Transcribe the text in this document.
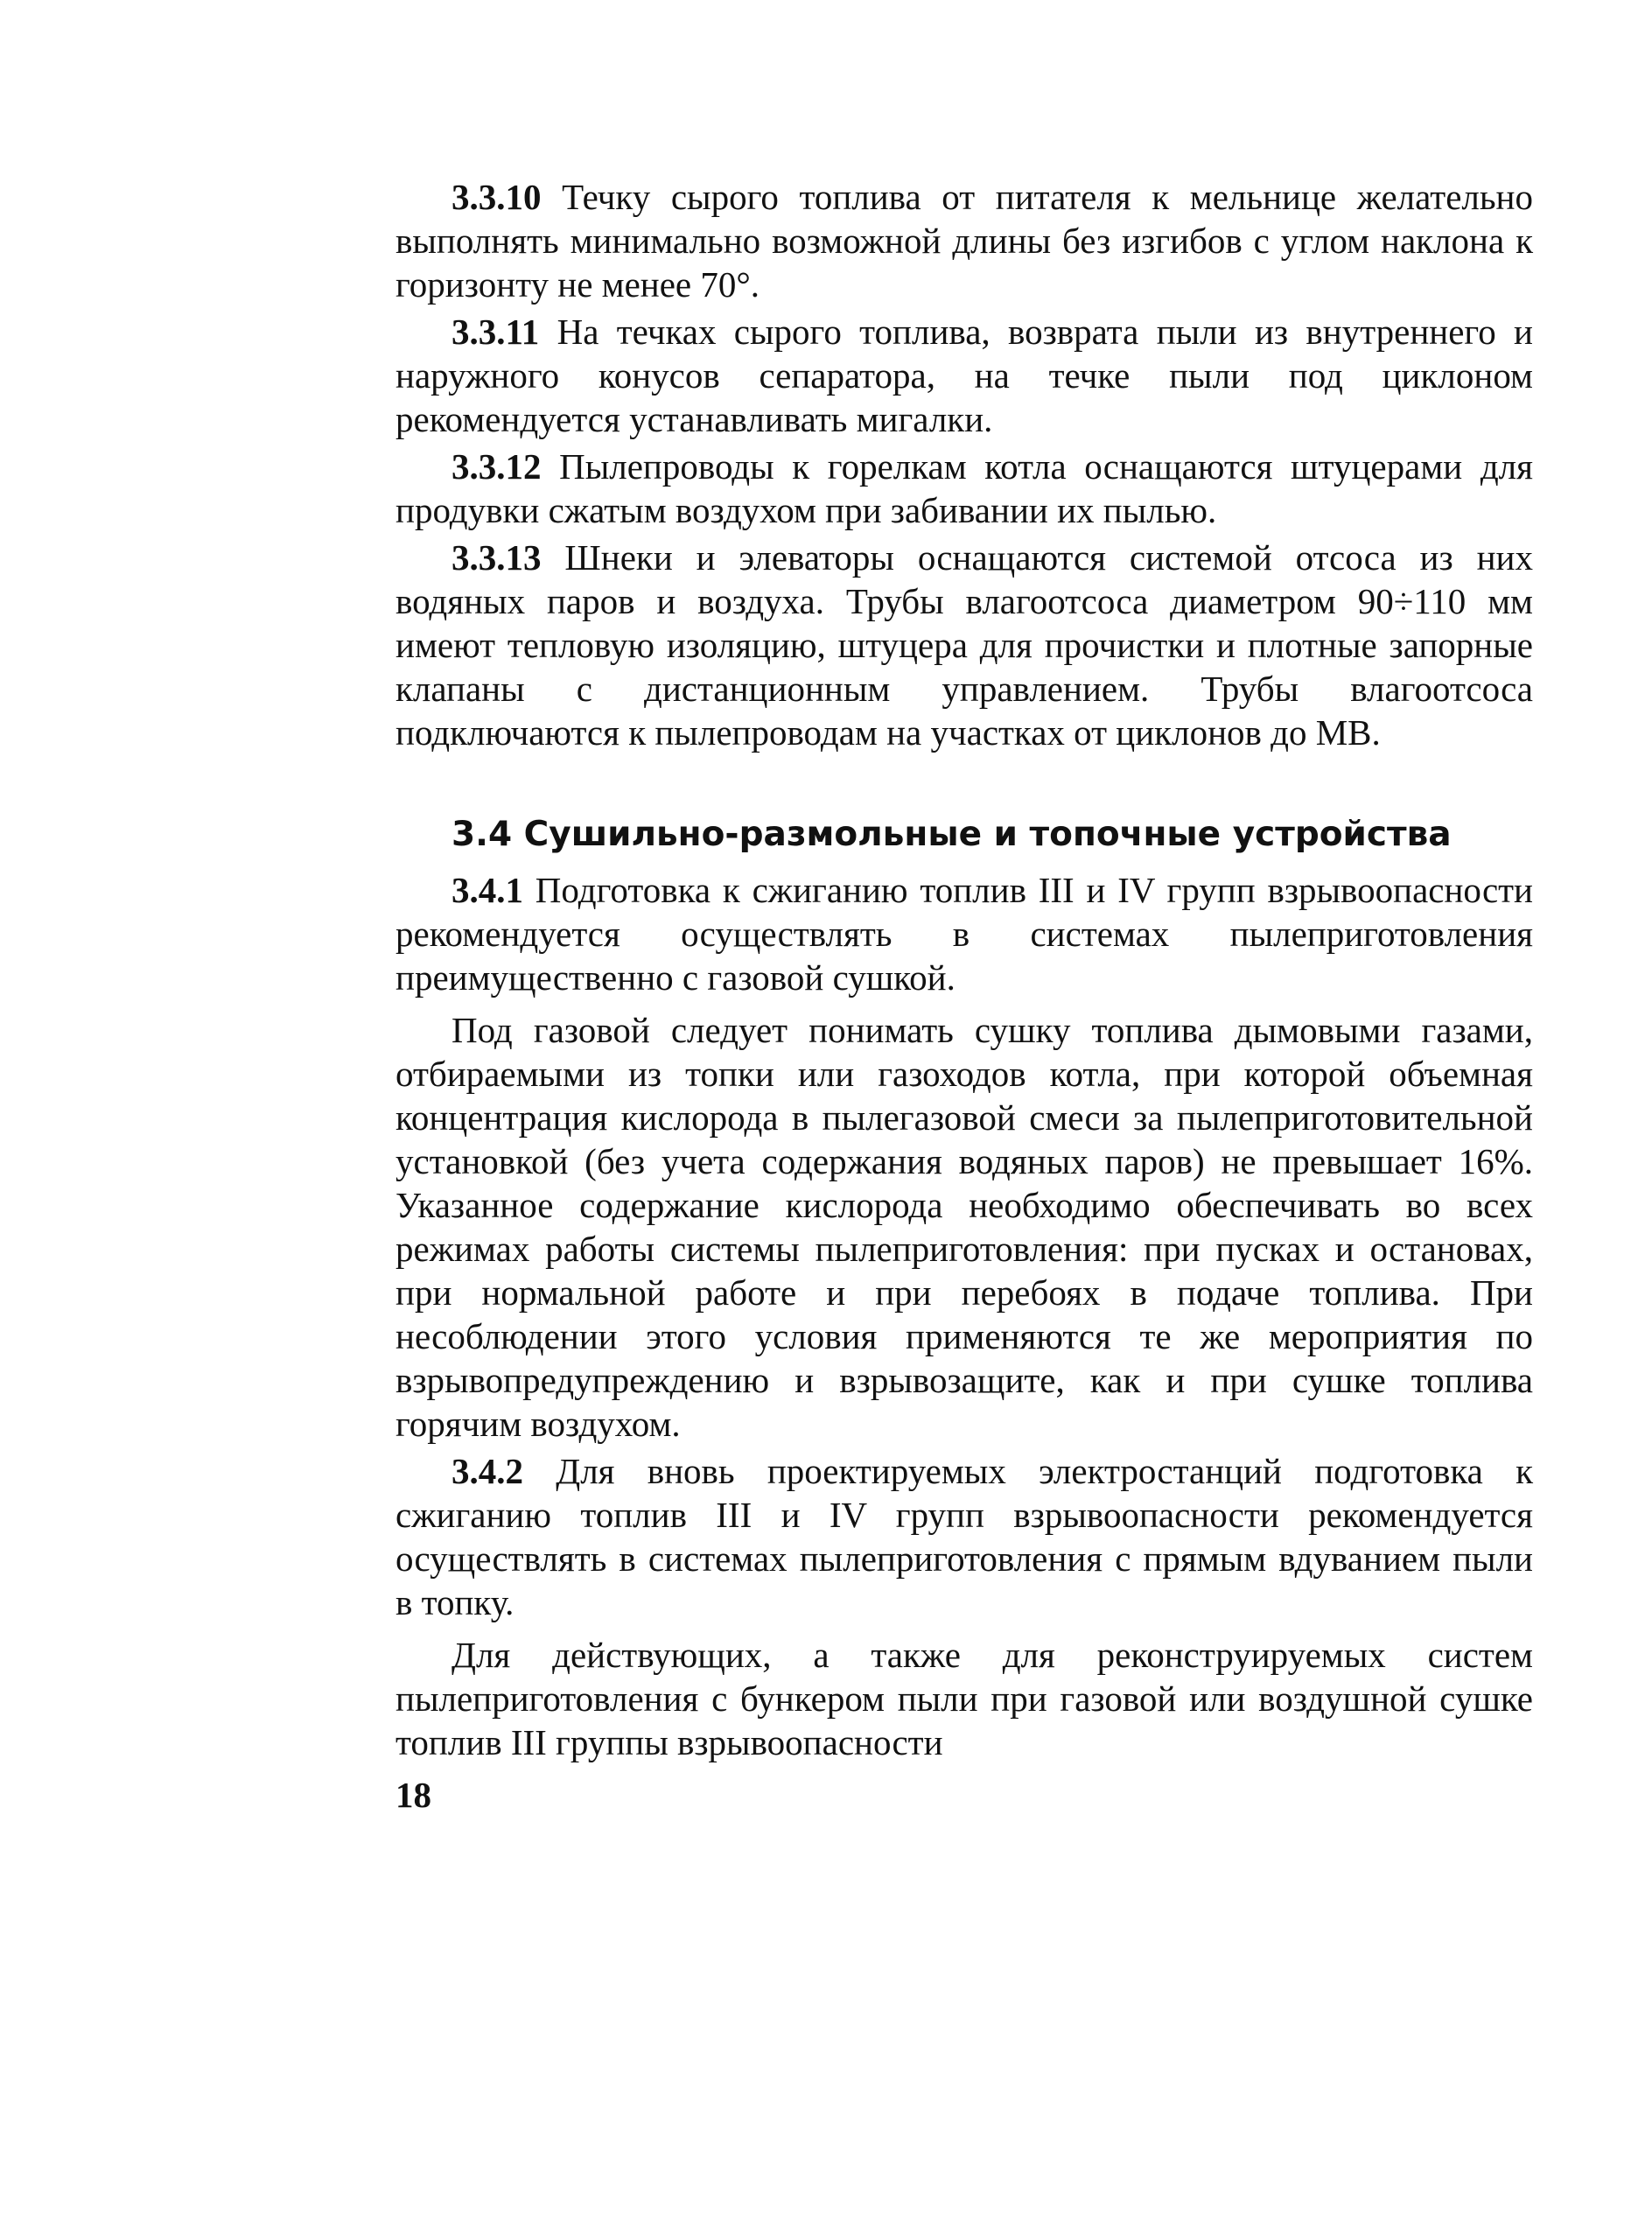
3.3.10 Течку сырого топлива от питателя к мельнице желательно выполнять минимально возможной длины без изгибов с углом наклона к горизонту не менее 70°.

3.3.11 На течках сырого топлива, возврата пыли из внутреннего и наружного конусов сепаратора, на течке пыли под циклоном рекомендуется устанавливать мигалки.

3.3.12 Пылепроводы к горелкам котла оснащаются штуцерами для продувки сжатым воздухом при забивании их пылью.

3.3.13 Шнеки и элеваторы оснащаются системой отсоса из них водяных паров и воздуха. Трубы влагоотсоса диаметром 90÷110 мм имеют тепловую изоляцию, штуцера для прочистки и плотные запорные клапаны с дистанционным управлением. Трубы влагоотсоса подключаются к пылепроводам на участках от циклонов до МВ.

3.4 Сушильно-размольные и топочные устройства

3.4.1 Подготовка к сжиганию топлив III и IV групп взрывоопасности рекомендуется осуществлять в системах пылеприготовления преимущественно с газовой сушкой.

Под газовой следует понимать сушку топлива дымовыми газами, отбираемыми из топки или газоходов котла, при которой объемная концентрация кислорода в пылегазовой смеси за пылеприготовительной установкой (без учета содержания водяных паров) не превышает 16%. Указанное содержание кислорода необходимо обеспечивать во всех режимах работы системы пылеприготовления: при пусках и остановах, при нормальной работе и при перебоях в подаче топлива. При несоблюдении этого условия применяются те же мероприятия по взрывопредупреждению и взрывозащите, как и при сушке топлива горячим воздухом.

3.4.2 Для вновь проектируемых электростанций подготовка к сжиганию топлив III и IV групп взрывоопасности рекомендуется осуществлять в системах пылеприготовления с прямым вдуванием пыли в топку.

Для действующих, а также для реконструируемых систем пылеприготовления с бункером пыли при газовой или воздушной сушке топлив III группы взрывоопасности

18
